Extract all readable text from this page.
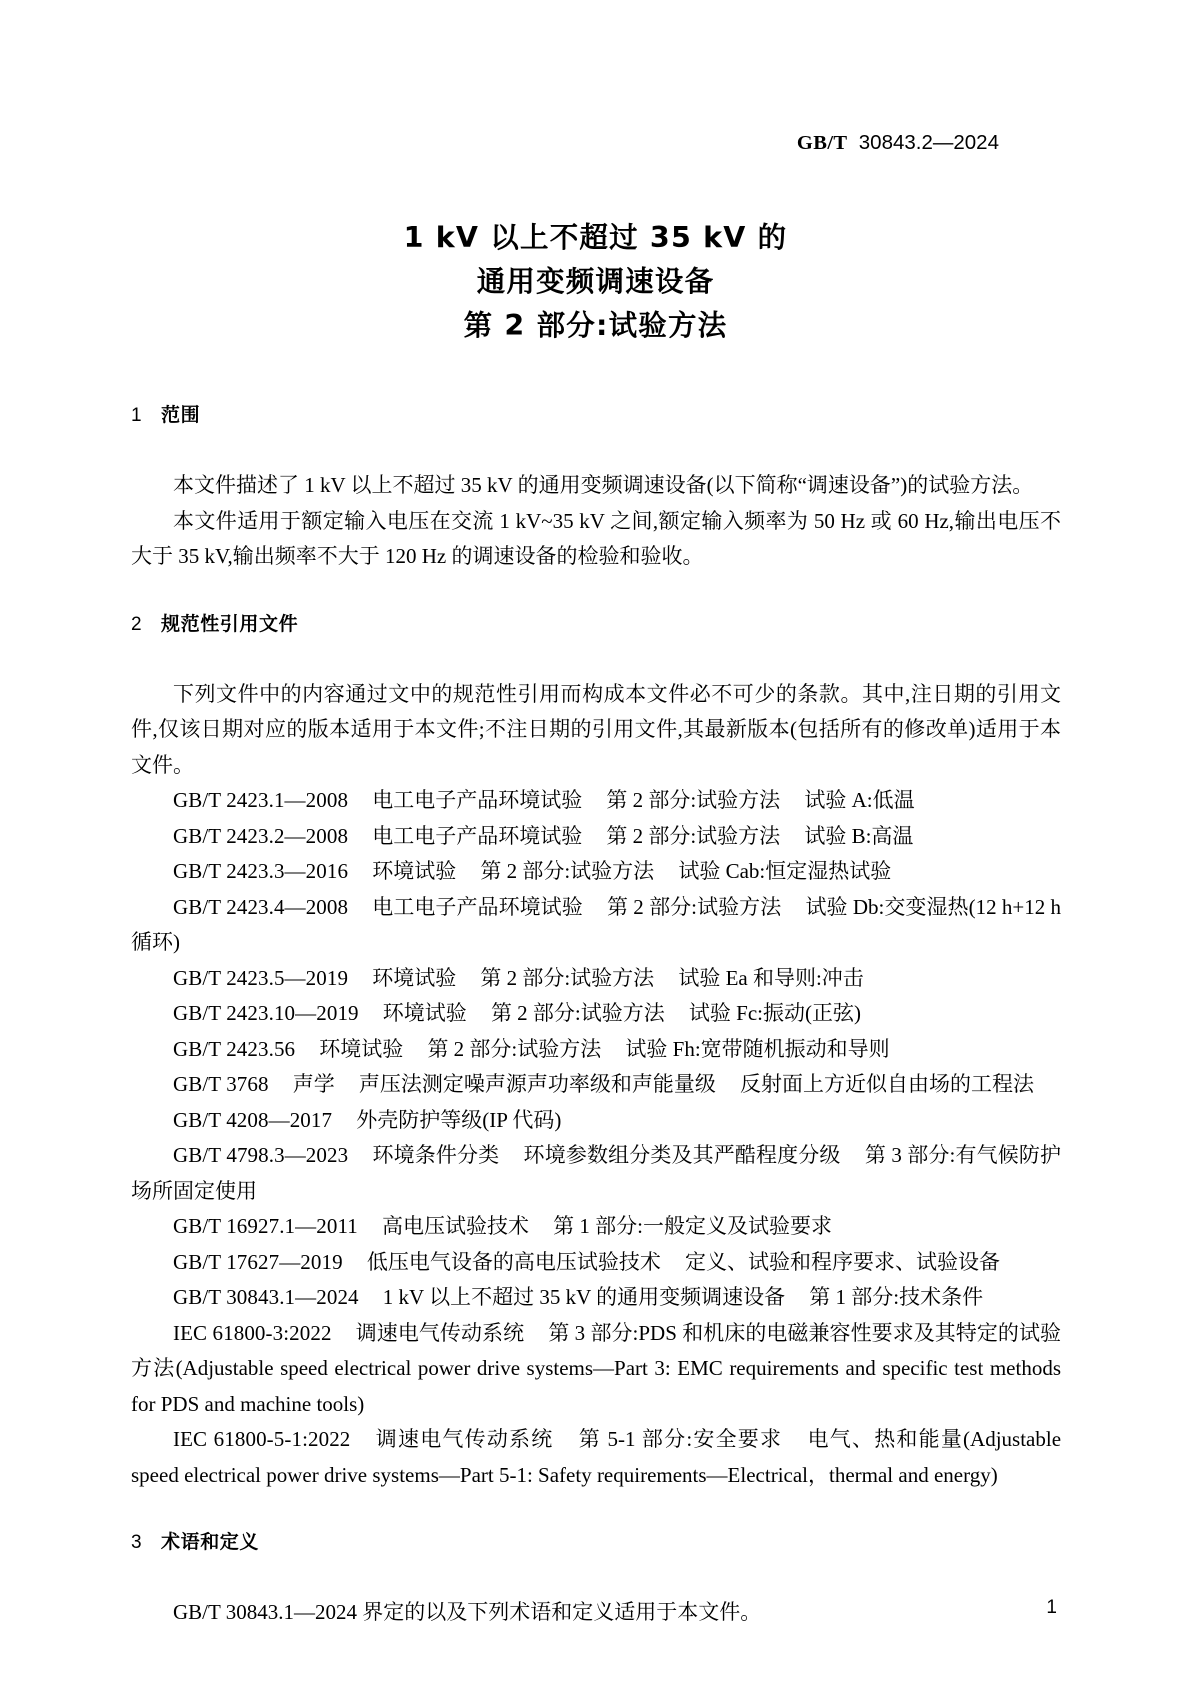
GB/T 30843.2—2024
1 kV 以上不超过 35 kV 的
通用变频调速设备
第 2 部分:试验方法
1 范围

本文件描述了 1 kV 以上不超过 35 kV 的通用变频调速设备(以下简称“调速设备”)的试验方法。

本文件适用于额定输入电压在交流 1 kV~35 kV 之间,额定输入频率为 50 Hz 或 60 Hz,输出电压不大于 35 kV,输出频率不大于 120 Hz 的调速设备的检验和验收。

2 规范性引用文件

下列文件中的内容通过文中的规范性引用而构成本文件必不可少的条款。其中,注日期的引用文件,仅该日期对应的版本适用于本文件;不注日期的引用文件,其最新版本(包括所有的修改单)适用于本文件。

GB/T 2423.1—2008 电工电子产品环境试验 第 2 部分:试验方法 试验 A:低温
GB/T 2423.2—2008 电工电子产品环境试验 第 2 部分:试验方法 试验 B:高温
GB/T 2423.3—2016 环境试验 第 2 部分:试验方法 试验 Cab:恒定湿热试验
GB/T 2423.4—2008 电工电子产品环境试验 第 2 部分:试验方法 试验 Db:交变湿热(12 h+12 h 循环)
GB/T 2423.5—2019 环境试验 第 2 部分:试验方法 试验 Ea 和导则:冲击
GB/T 2423.10—2019 环境试验 第 2 部分:试验方法 试验 Fc:振动(正弦)
GB/T 2423.56 环境试验 第 2 部分:试验方法 试验 Fh:宽带随机振动和导则
GB/T 3768 声学 声压法测定噪声源声功率级和声能量级 反射面上方近似自由场的工程法
GB/T 4208—2017 外壳防护等级(IP 代码)
GB/T 4798.3—2023 环境条件分类 环境参数组分类及其严酷程度分级 第 3 部分:有气候防护场所固定使用
GB/T 16927.1—2011 高电压试验技术 第 1 部分:一般定义及试验要求
GB/T 17627—2019 低压电气设备的高电压试验技术 定义、试验和程序要求、试验设备
GB/T 30843.1—2024 1 kV 以上不超过 35 kV 的通用变频调速设备 第 1 部分:技术条件
IEC 61800-3:2022 调速电气传动系统 第 3 部分:PDS 和机床的电磁兼容性要求及其特定的试验方法(Adjustable speed electrical power drive systems—Part 3: EMC requirements and specific test methods for PDS and machine tools)
IEC 61800-5-1:2022 调速电气传动系统 第 5-1 部分:安全要求 电气、热和能量(Adjustable speed electrical power drive systems—Part 5-1: Safety requirements—Electrical，thermal and energy)
3 术语和定义

GB/T 30843.1—2024 界定的以及下列术语和定义适用于本文件。	1
